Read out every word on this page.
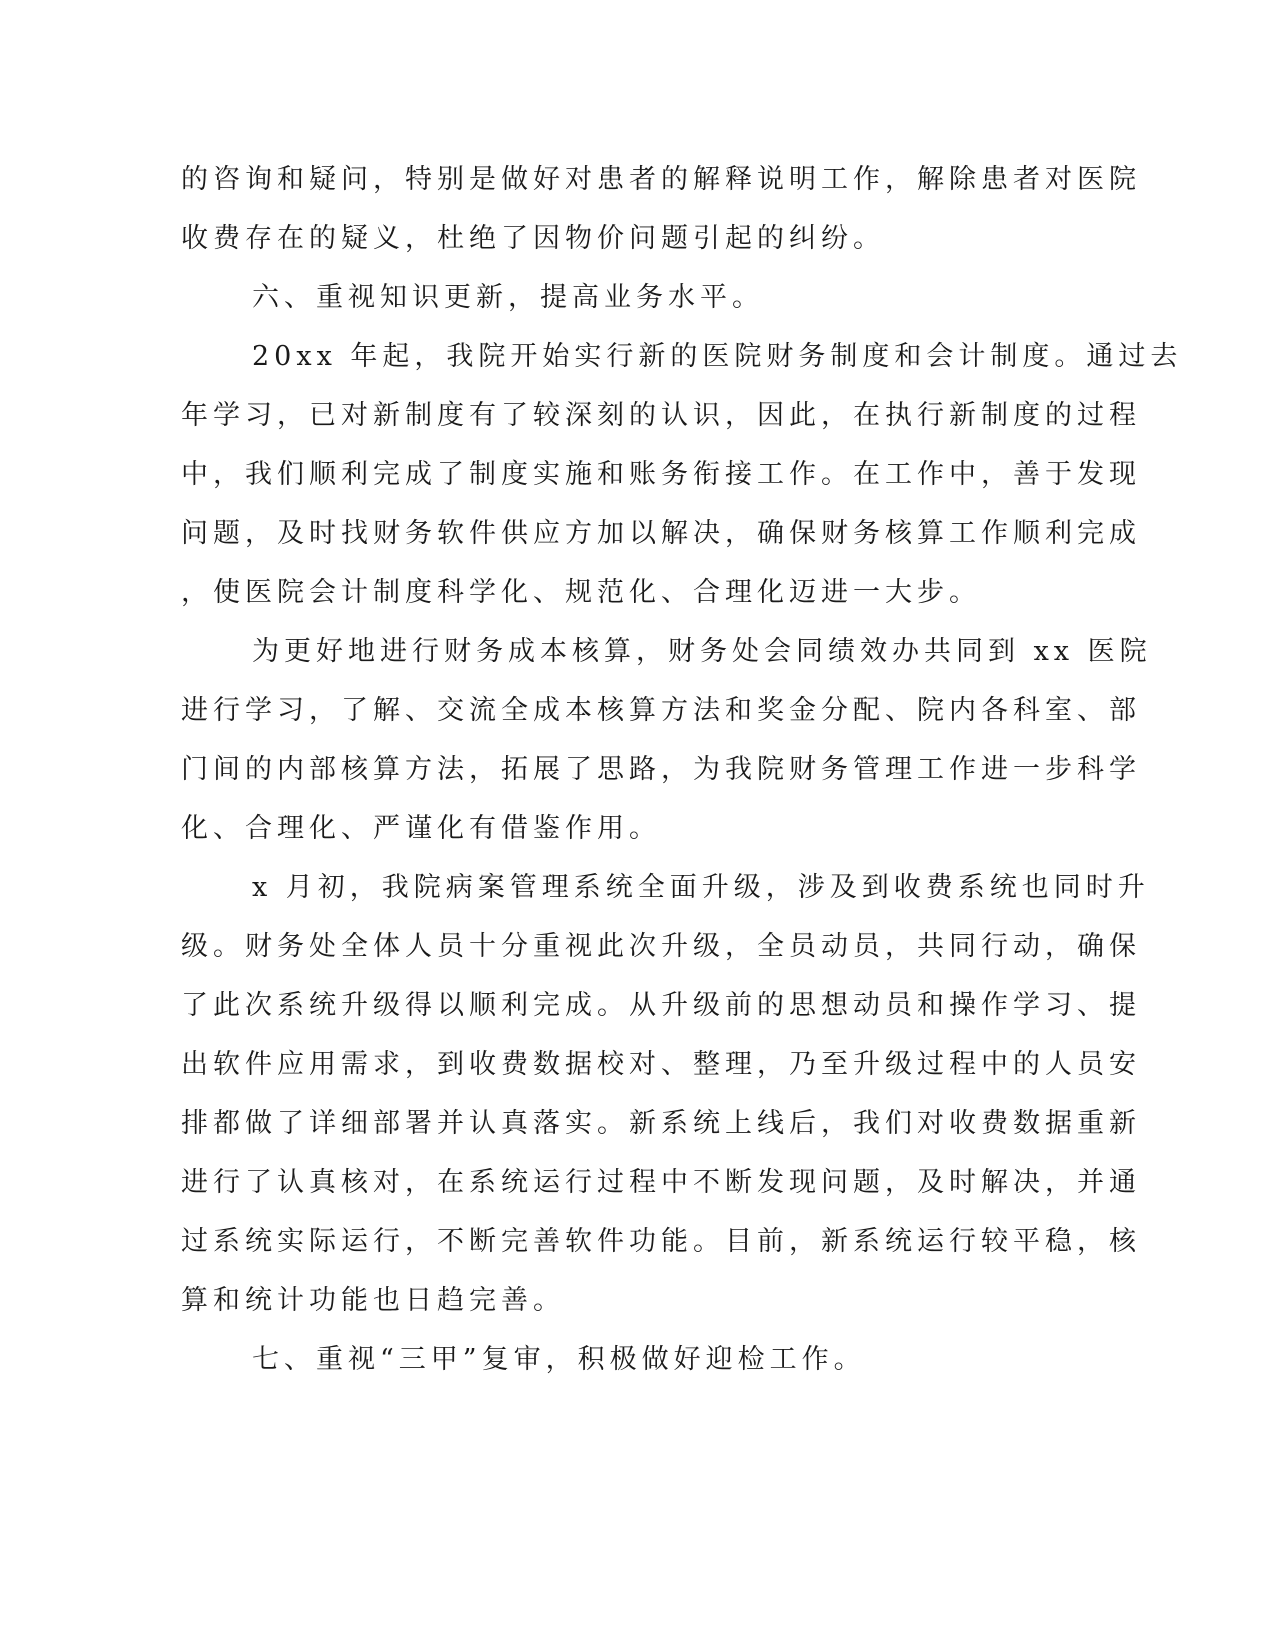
的咨询和疑问，特别是做好对患者的解释说明工作，解除患者对医院

收费存在的疑义，杜绝了因物价问题引起的纠纷。

六、重视知识更新，提高业务水平。

20xx 年起，我院开始实行新的医院财务制度和会计制度。通过去

年学习，已对新制度有了较深刻的认识，因此，在执行新制度的过程

中，我们顺利完成了制度实施和账务衔接工作。在工作中，善于发现

问题，及时找财务软件供应方加以解决，确保财务核算工作顺利完成

，使医院会计制度科学化、规范化、合理化迈进一大步。

为更好地进行财务成本核算，财务处会同绩效办共同到 xx 医院

进行学习，了解、交流全成本核算方法和奖金分配、院内各科室、部

门间的内部核算方法，拓展了思路，为我院财务管理工作进一步科学

化、合理化、严谨化有借鉴作用。

x 月初，我院病案管理系统全面升级，涉及到收费系统也同时升

级。财务处全体人员十分重视此次升级，全员动员，共同行动，确保

了此次系统升级得以顺利完成。从升级前的思想动员和操作学习、提

出软件应用需求，到收费数据校对、整理，乃至升级过程中的人员安

排都做了详细部署并认真落实。新系统上线后，我们对收费数据重新

进行了认真核对，在系统运行过程中不断发现问题，及时解决，并通

过系统实际运行，不断完善软件功能。目前，新系统运行较平稳，核

算和统计功能也日趋完善。

七、重视“三甲”复审，积极做好迎检工作。
